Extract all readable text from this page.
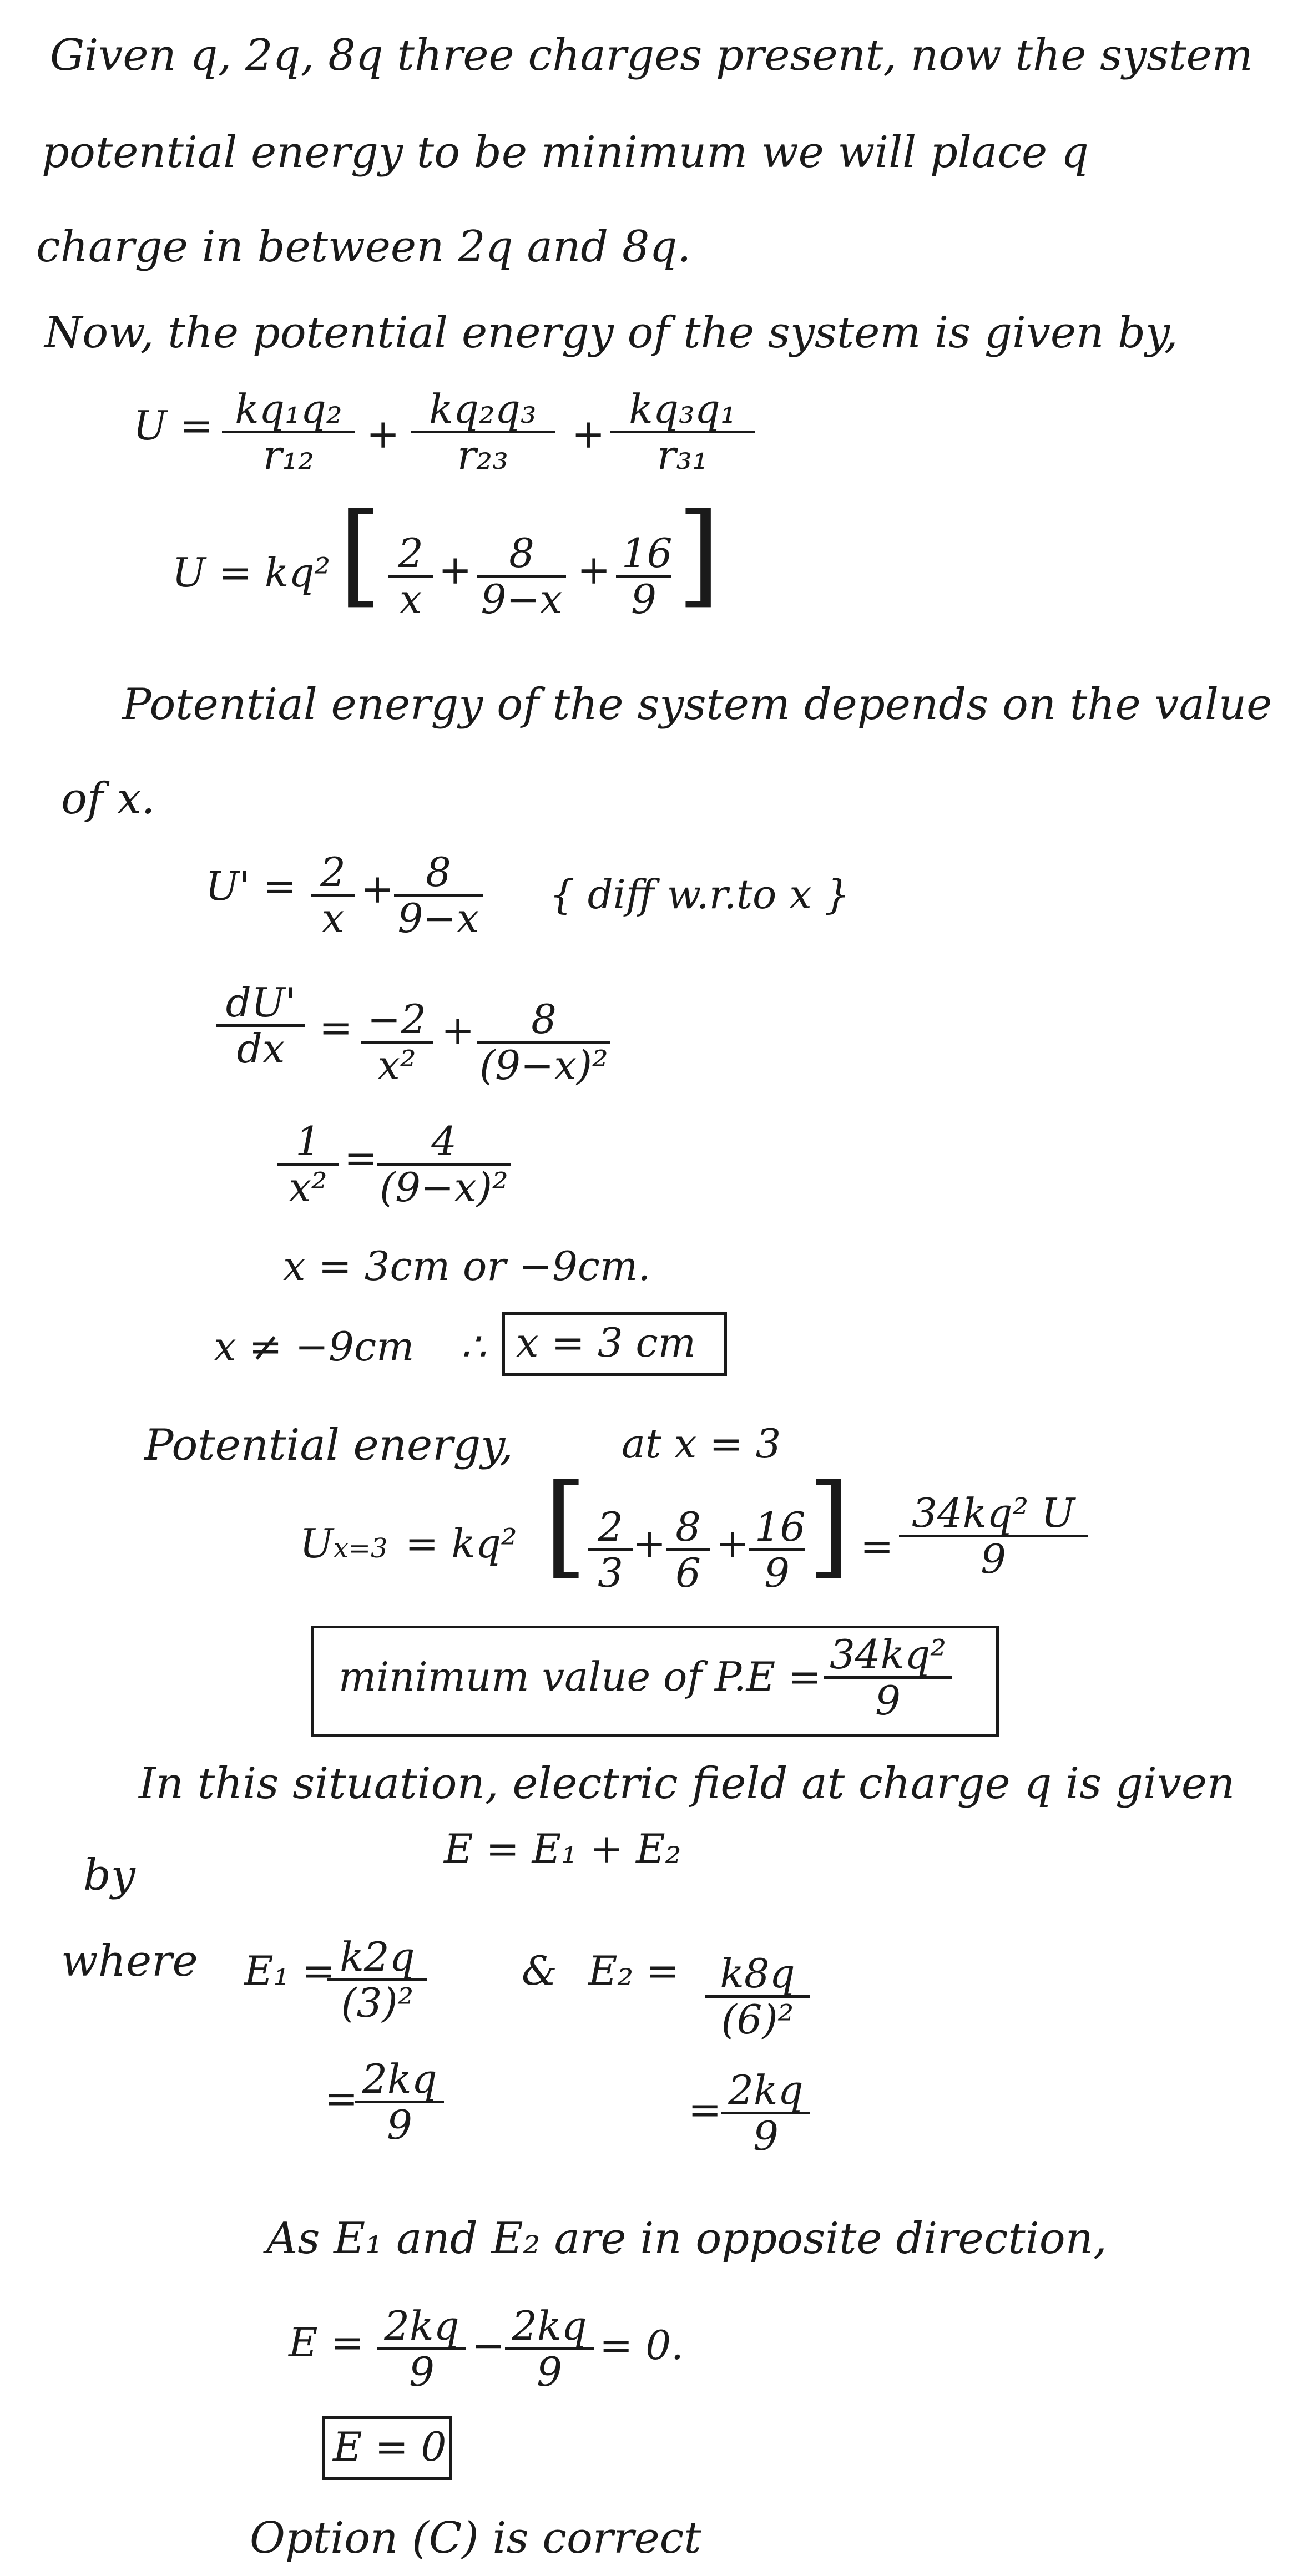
Given q, 2q, 8q three charges present, now the system
potential energy to be minimum we will place q
charge in between 2q and 8q.
Now, the potential energy of the system is given by,
$U = \frac{\text{kq₁q₂}}{\text{r₁₂}} + \frac{\text{kq₂q₃}}{\text{r₂₃}} + \frac{\text{kq₃q₁}}{\text{r₃₁}}$
U = kq² [ $\frac{2}{x} + \frac{8}{9-x} + \frac{16}{9}$ ]
Potential energy of the system depends on the value
of x.
$U' = \frac{2}{x} + \frac{8}{9-x}$ { diff w.r.to x }
$\frac{dU'}{dx} = \frac{-2}{\text{x²}} + \frac{8}{\text{(9−x)²}}$
$\frac{1}{\text{x²}} = \frac{4}{\text{(9−x)²}}$
x = 3cm or −9cm.
x ≠ −9cm ∴ x = 3 cm
Potential energy,	at x = 3
Ux=3 = kq² [ $\frac{2}{3} + \frac{8}{6} + \frac{16}{9}$ ] = $\frac{\text{34kq² U}}{9}$
minimum value of $P.E = \frac{\text{34kq²}}{9}$
In this situation, electric field at charge q is given
by
E = E₁ + E₂
where E₁ =
$\frac{k2q}{\text{(3)²}}$ & $E_2 = \frac{k8q}{\text{(6)²}}$
=
$\frac{2kq}{9}$	= $\frac{2kq}{9}$
As E₁ and E₂ are in opposite direction,
$E = \frac{2kq}{9} - \frac{2kq}{9} = 0$.
E = 0
Option (C) is correct
